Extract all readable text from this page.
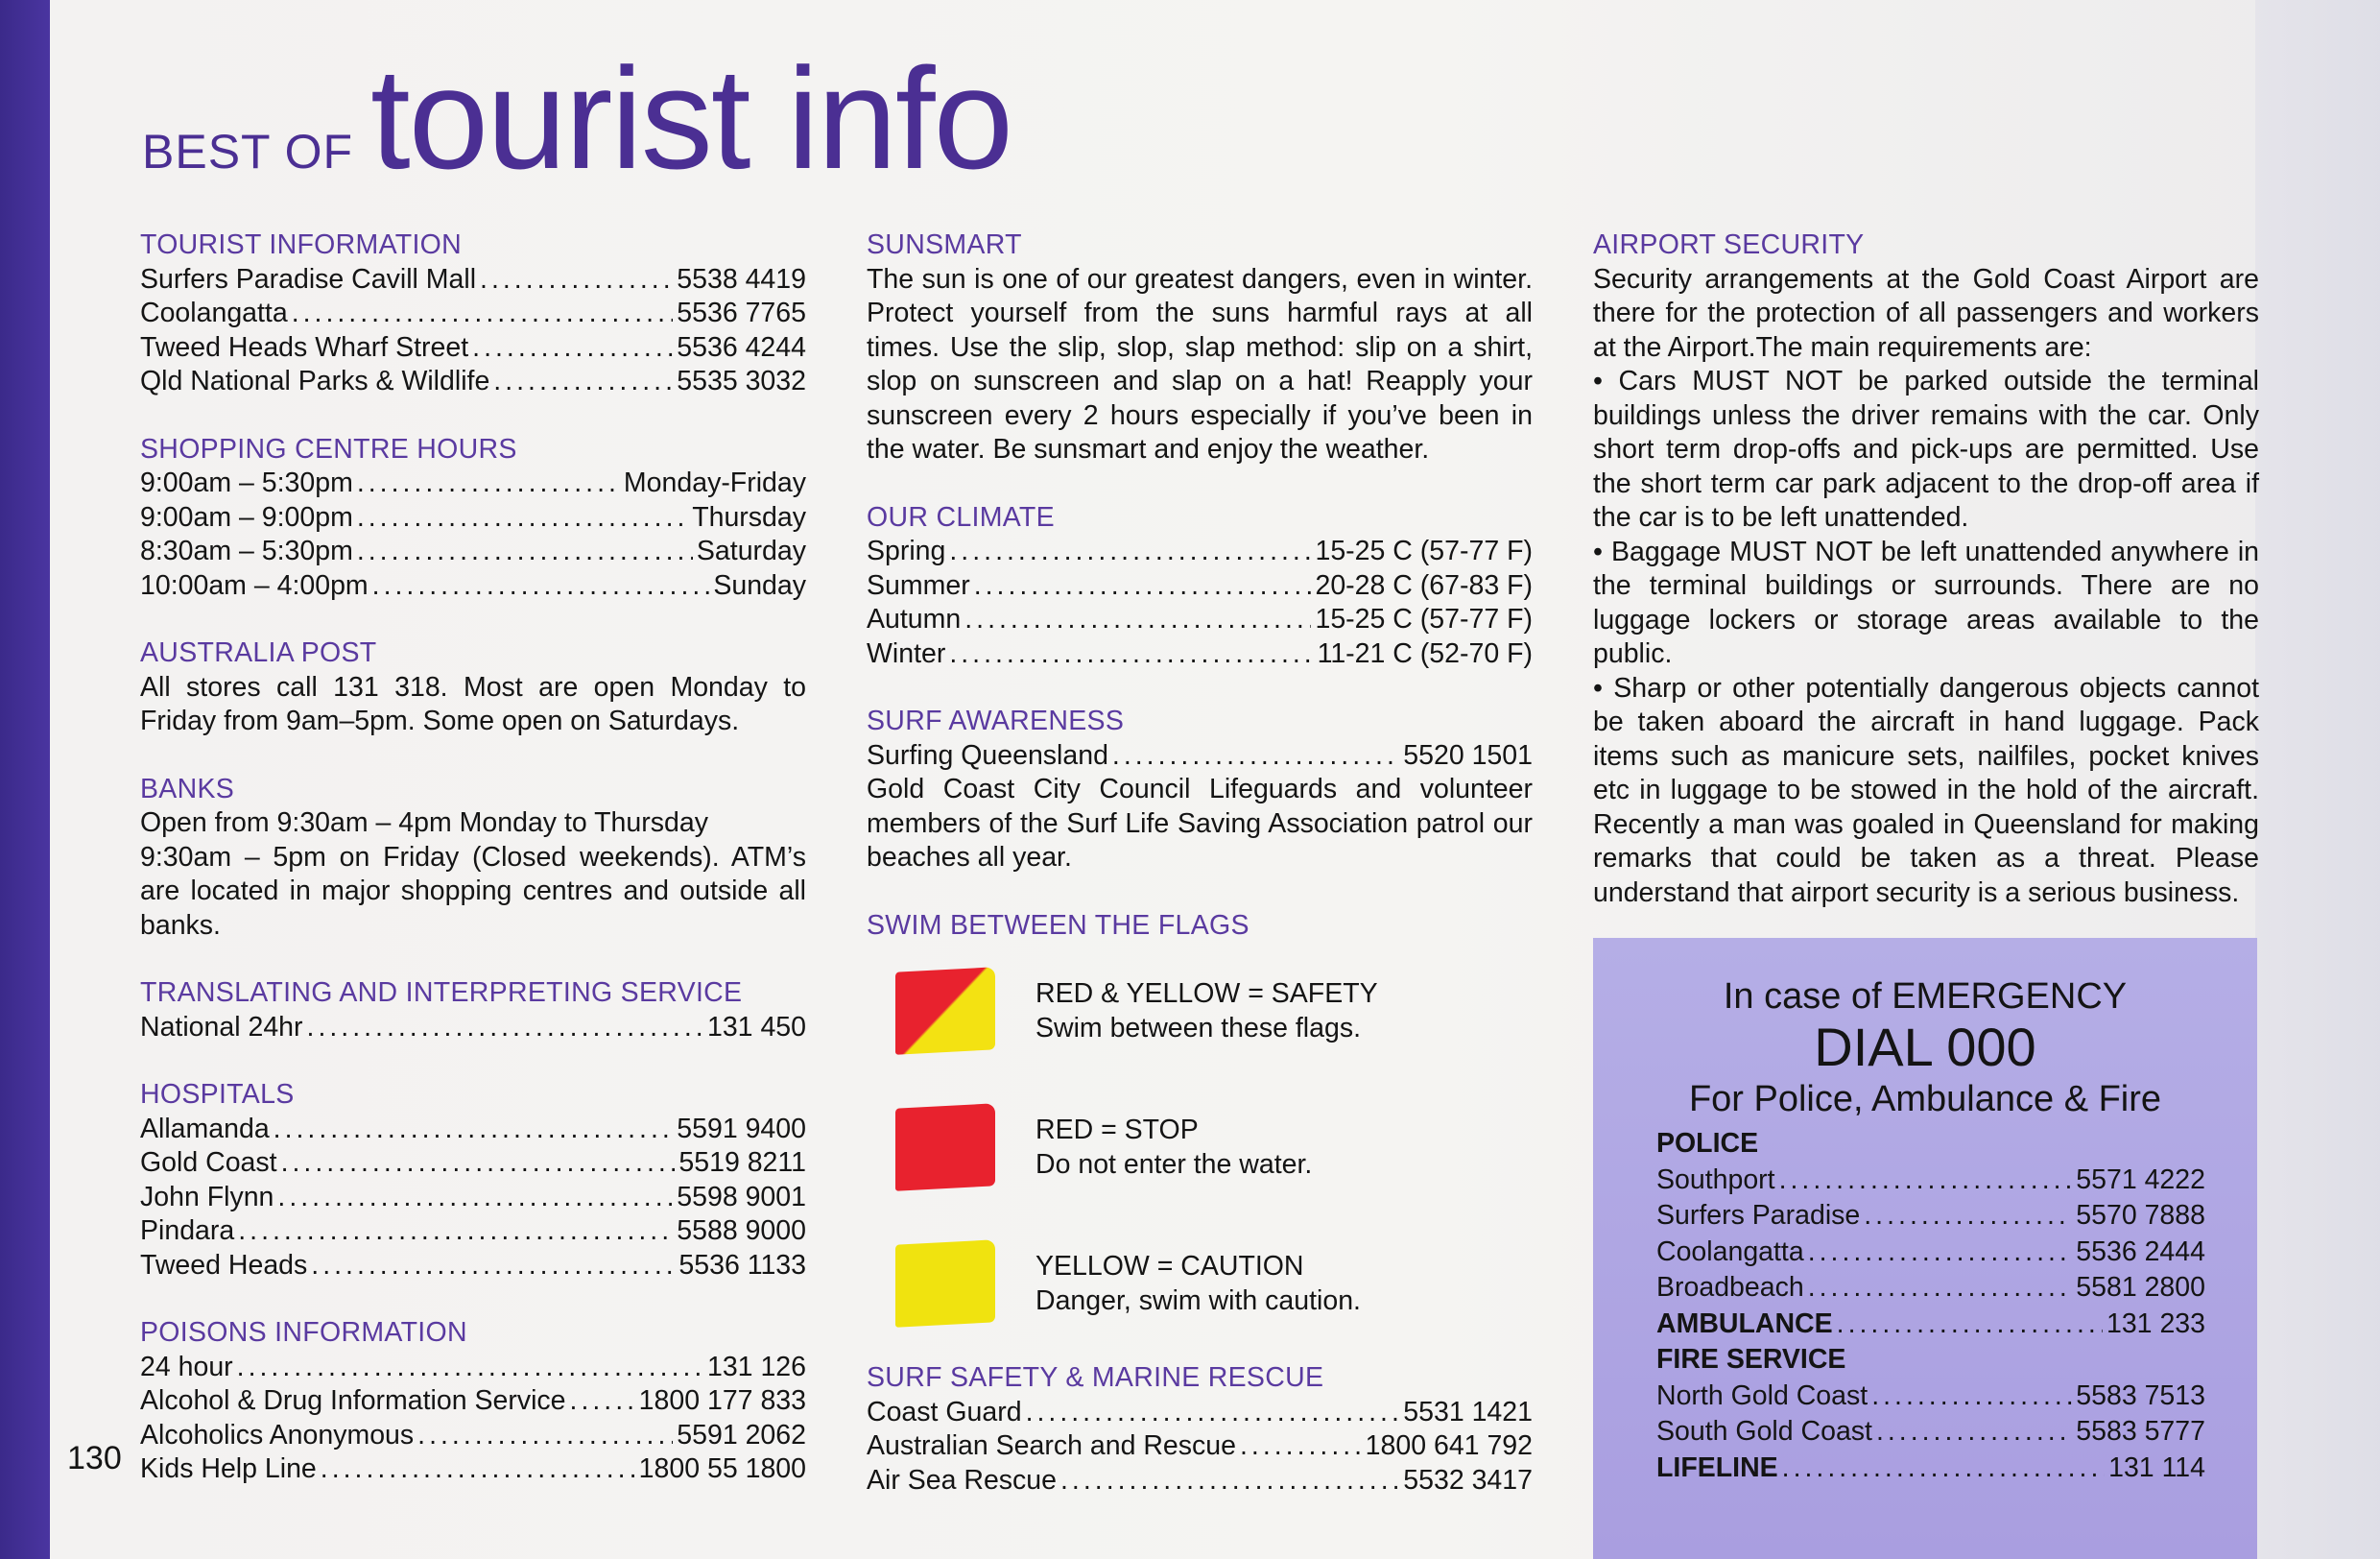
BEST OF tourist info
TOURIST INFORMATION
Surfers Paradise Cavill Mall .....	5538 4419
Coolangatta .....	5536 7765
Tweed Heads Wharf Street .....	5536 4244
Qld National Parks & Wildlife .....	5535 3032
SHOPPING CENTRE HOURS
9:00am – 5:30pm .....	Monday-Friday
9:00am – 9:00pm .....	Thursday
8:30am – 5:30pm .....	Saturday
10:00am – 4:00pm .....	Sunday
AUSTRALIA POST
All stores call 131 318. Most are open Monday to Friday from 9am–5pm. Some open on Saturdays.
BANKS
Open from 9:30am – 4pm Monday to Thursday
9:30am – 5pm on Friday (Closed weekends). ATM’s are located in major shopping centres and outside all banks.
TRANSLATING AND INTERPRETING SERVICE
National 24hr .....	131 450
HOSPITALS
Allamanda .....	5591 9400
Gold Coast .....	5519 8211
John Flynn .....	5598 9001
Pindara .....	5588 9000
Tweed Heads .....	5536 1133
POISONS INFORMATION
24 hour .....	131 126
Alcohol & Drug Information Service .....	1800 177 833
Alcoholics Anonymous .....	5591 2062
Kids Help Line .....	1800 55 1800
130
SUNSMART
The sun is one of our greatest dangers, even in winter. Protect yourself from the suns harmful rays at all times. Use the slip, slop, slap method: slip on a shirt, slop on sunscreen and slap on a hat! Reapply your sunscreen every 2 hours especially if you’ve been in the water. Be sunsmart and enjoy the weather.
OUR CLIMATE
Spring .....	15-25 C (57-77 F)
Summer .....	20-28 C (67-83 F)
Autumn .....	15-25 C (57-77 F)
Winter .....	11-21 C (52-70 F)
SURF AWARENESS
Surfing Queensland .....	5520 1501
Gold Coast City Council Lifeguards and volunteer members of the Surf Life Saving Association patrol our beaches all year.
SWIM BETWEEN THE FLAGS
RED & YELLOW = SAFETY
Swim between these flags.
RED = STOP
Do not enter the water.
YELLOW = CAUTION
Danger, swim with caution.
SURF SAFETY & MARINE RESCUE
Coast Guard .....	5531 1421
Australian Search and Rescue .....	1800 641 792
Air Sea Rescue .....	5532 3417
AIRPORT SECURITY
Security arrangements at the Gold Coast Airport are there for the protection of all passengers and workers at the Airport.The main requirements are:
• Cars MUST NOT be parked outside the terminal buildings unless the driver remains with the car. Only short term drop-offs and pick-ups are permitted. Use the short term car park adjacent to the drop-off area if the car is to be left unattended.
• Baggage MUST NOT be left unattended anywhere in the terminal buildings or surrounds. There are no luggage lockers or storage areas available to the public.
• Sharp or other potentially dangerous objects cannot be taken aboard the aircraft in hand luggage. Pack items such as manicure sets, nailfiles, pocket knives etc in luggage to be stowed in the hold of the aircraft. Recently a man was goaled in Queensland for making remarks that could be taken as a threat. Please understand that airport security is a serious business.
In case of EMERGENCY
DIAL 000
For Police, Ambulance & Fire
POLICE
Southport .....	5571 4222
Surfers Paradise .....	5570 7888
Coolangatta .....	5536 2444
Broadbeach .....	5581 2800
AMBULANCE .....	131 233
FIRE SERVICE
North Gold Coast .....	5583 7513
South Gold Coast .....	5583 5777
LIFELINE .....	131 114
